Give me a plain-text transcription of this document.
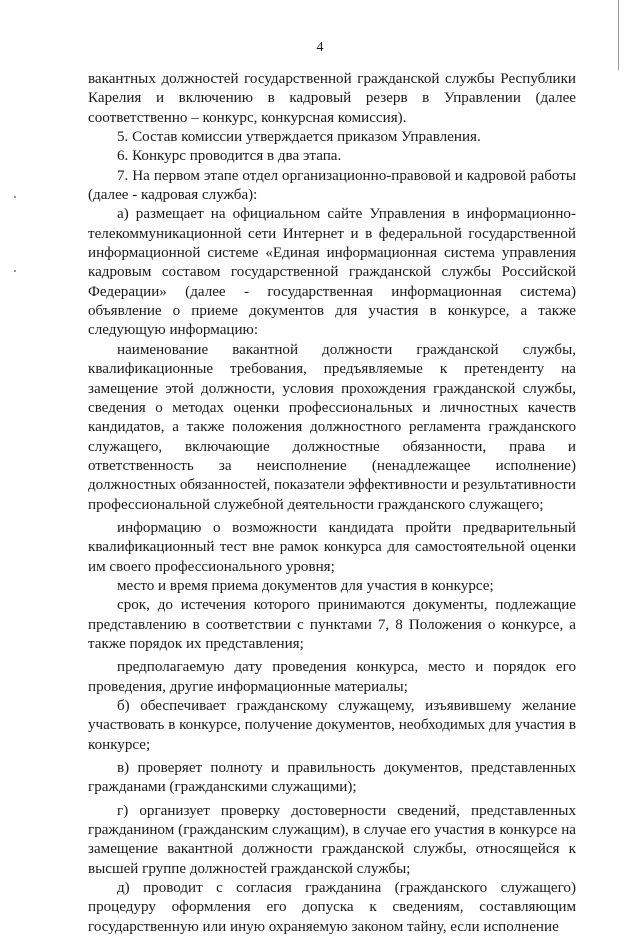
4

вакантных должностей государственной гражданской службы Республики Карелия и включению в кадровый резерв в Управлении (далее соответственно – конкурс, конкурсная комиссия).

5. Состав комиссии утверждается приказом Управления.

6. Конкурс проводится в два этапа.

7. На первом этапе отдел организационно-правовой и кадровой работы (далее - кадровая служба):

а) размещает на официальном сайте Управления в информационно-телекоммуникационной сети Интернет и в федеральной государственной информационной системе «Единая информационная система управления кадровым составом государственной гражданской службы Российской Федерации» (далее - государственная информационная система) объявление о приеме документов для участия в конкурсе, а также следующую информацию:

наименование вакантной должности гражданской службы, квалификационные требования, предъявляемые к претенденту на замещение этой должности, условия прохождения гражданской службы, сведения о методах оценки профессиональных и личностных качеств кандидатов, а также положения должностного регламента гражданского служащего, включающие должностные обязанности, права и ответственность за неисполнение (ненадлежащее исполнение) должностных обязанностей, показатели эффективности и результативности профессиональной служебной деятельности гражданского служащего;

информацию о возможности кандидата пройти предварительный квалификационный тест вне рамок конкурса для самостоятельной оценки им своего профессионального уровня;

место и время приема документов для участия в конкурсе;

срок, до истечения которого принимаются документы, подлежащие представлению в соответствии с пунктами 7, 8 Положения о конкурсе, а также порядок их представления;

предполагаемую дату проведения конкурса, место и порядок его проведения, другие информационные материалы;

б) обеспечивает гражданскому служащему, изъявившему желание участвовать в конкурсе, получение документов, необходимых для участия в конкурсе;

в) проверяет полноту и правильность документов, представленных гражданами (гражданскими служащими);

г) организует проверку достоверности сведений, представленных гражданином (гражданским служащим), в случае его участия в конкурсе на замещение вакантной должности гражданской службы, относящейся к высшей группе должностей гражданской службы;

д) проводит с согласия гражданина (гражданского служащего) процедуру оформления его допуска к сведениям, составляющим государственную или иную охраняемую законом тайну, если исполнение
